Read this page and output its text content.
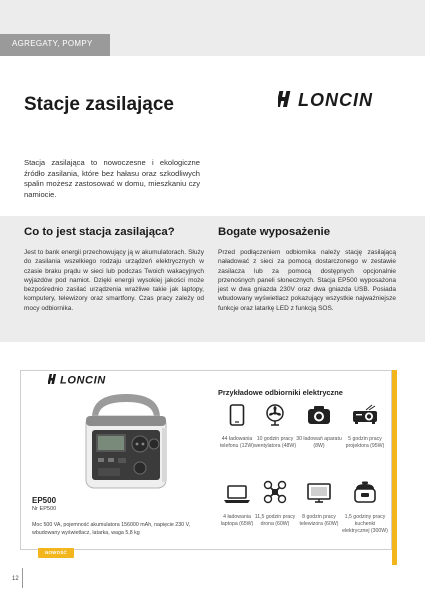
AGREGATY, POMPY
Stacje zasilające	LONCIN

Stacja zasilająca to nowoczesne i ekologiczne źródło zasilania, które bez hałasu oraz szkodliwych spalin możesz zastosować w domu, mieszkaniu czy namiocie.

Co to jest stacja zasilająca?

Jest to bank energii przechowujący ją w akumulatorach. Służy do zasilania wszelkiego rodzaju urządzeń elektrycznych w czasie braku prądu w sieci lub podczas Twoich wakacyjnych wyjazdów pod namiot. Dzięki energii wysokiej jakości może bezpośrednio zasilać urządzenia wrażliwe takie jak laptopy, komputery, telewizory oraz smartfony. Czas pracy zależy od mocy odbiornika.

Bogate wyposażenie

Przed podłączeniem odbiornika należy stację zasilającą naładować z sieci za pomocą dostarczonego w zestawie zasilacza lub za pomocą dostępnych opcjonalnie przenośnych paneli słonecznych. Stacja EP500 wyposażona jest w dwa gniazda 230V oraz dwa gniazda USB. Posiada wbudowany wyświetlacz pokazujący wszystkie najważniejsze funkcje oraz latarkę LED z funkcją SOS.

LONCIN
EP500
Nr EP500
Moc 500 VA, pojemność akumulatora 156000 mAh, napięcie 230 V, wbudowany wyświetlacz, latarka, waga 5,8 kg
NOWOŚĆ
Przykładowe odbiorniki elektryczne
44 ładowania telefonu (12W)
10 godzin pracy wentylatora (48W)
30 ładowań aparatu (8W)
5 godzin pracy projektora (95W)
4 ładowania laptopa (65W)
11,5 godzin pracy drona (60W)
8 godzin pracy telewizora (60W)
1,5 godziny pracy kuchenki elektrycznej (300W)
12
